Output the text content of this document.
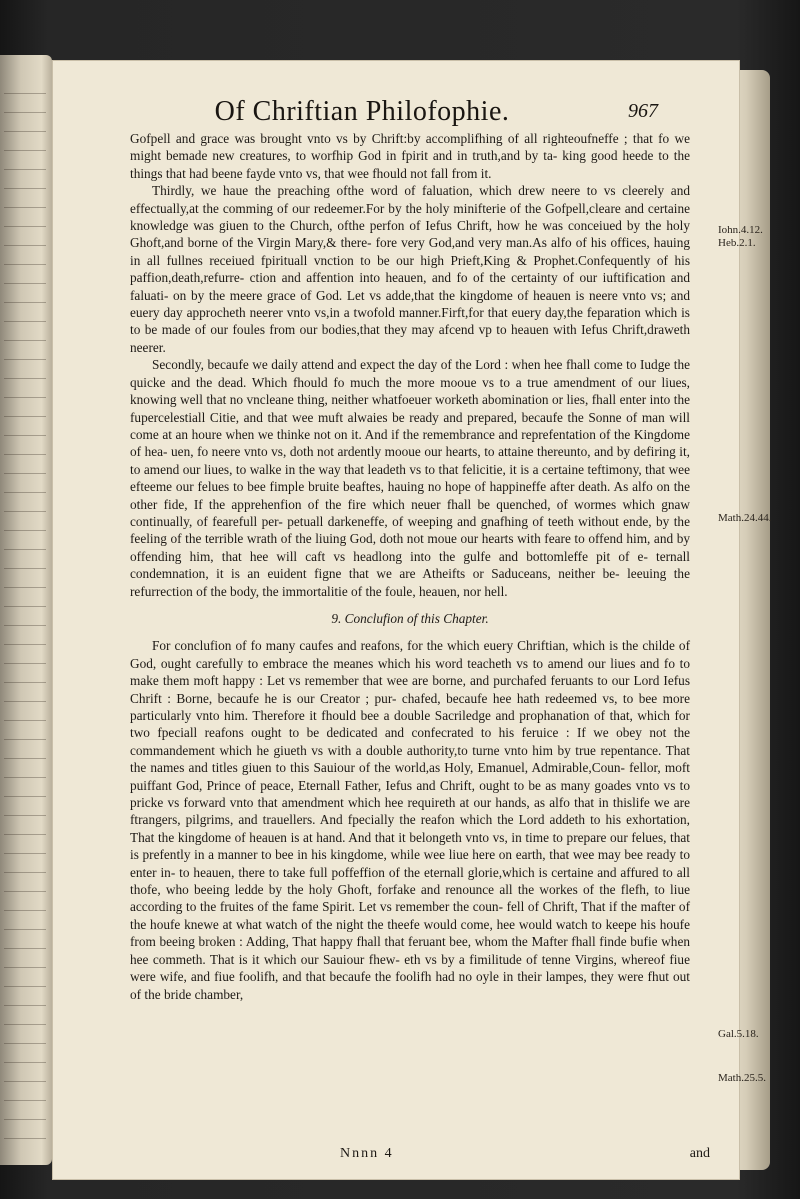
Of Chriftian Philofophie.	967

Gofpell and grace was brought vnto vs by Chrift:by accomplifhing of all righteoufneffe ; that fo we might bemade new creatures, to worfhip God in fpirit and in truth,and by ta- king good heede to the things that had beene fayde vnto vs, that wee fhould not fall from it.

Thirdly, we haue the preaching ofthe word of faluation, which drew neere to vs cleerely and effectually,at the comming of our redeemer.For by the holy minifterie of the Gofpell,cleare and certaine knowledge was giuen to the Church, ofthe perfon of Iefus Chrift, how he was conceiued by the holy Ghoft,and borne of the Virgin Mary,& there- fore very God,and very man.As alfo of his offices, hauing in all fullnes receiued fpirituall vnction to be our high Prieft,King & Prophet.Confequently of his paffion,death,refurre- ction and affention into heauen, and fo of the certainty of our iuftification and faluati- on by the meere grace of God. Let vs adde,that the kingdome of heauen is neere vnto vs; and euery day approcheth neerer vnto vs,in a twofold manner.Firft,for that euery day,the feparation which is to be made of our foules from our bodies,that they may afcend vp to heauen with Iefus Chrift,draweth neerer.

Secondly, becaufe we daily attend and expect the day of the Lord : when hee fhall come to Iudge the quicke and the dead. Which fhould fo much the more mooue vs to a true amendment of our liues, knowing well that no vncleane thing, neither whatfoeuer worketh abomination or lies, fhall enter into the fupercelestiall Citie, and that wee muft alwaies be ready and prepared, becaufe the Sonne of man will come at an houre when we thinke not on it. And if the remembrance and reprefentation of the Kingdome of hea- uen, fo neere vnto vs, doth not ardently mooue our hearts, to attaine thereunto, and by defiring it, to amend our liues, to walke in the way that leadeth vs to that felicitie, it is a certaine teftimony, that wee efteeme our felues to bee fimple bruite beaftes, hauing no hope of happineffe after death. As alfo on the other fide, If the apprehenfion of the fire which neuer fhall be quenched, of wormes which gnaw continually, of fearefull per- petuall darkeneffe, of weeping and gnafhing of teeth without ende, by the feeling of the terrible wrath of the liuing God, doth not moue our hearts with feare to offend him, and by offending him, that hee will caft vs headlong into the gulfe and bottomleffe pit of e- ternall condemnation, it is an euident figne that we are Atheifts or Saduceans, neither be- leeuing the refurrection of the body, the immortalitie of the foule, heauen, nor hell.

9. Conclufion of this Chapter.

For conclufion of fo many caufes and reafons, for the which euery Chriftian, which is the childe of God, ought carefully to embrace the meanes which his word teacheth vs to amend our liues and fo to make them moft happy : Let vs remember that wee are borne, and purchafed feruants to our Lord Iefus Chrift : Borne, becaufe he is our Creator ; pur- chafed, becaufe hee hath redeemed vs, to bee more particularly vnto him. Therefore it fhould bee a double Sacriledge and prophanation of that, which for two fpeciall reafons ought to be dedicated and confecrated to his feruice : If we obey not the commandement which he giueth vs with a double authority,to turne vnto him by true repentance. That the names and titles giuen to this Sauiour of the world,as Holy, Emanuel, Admirable,Coun- fellor, moft puiffant God, Prince of peace, Eternall Father, Iefus and Chrift, ought to be as many goades vnto vs to pricke vs forward vnto that amendment which hee requireth at our hands, as alfo that in thislife we are ftrangers, pilgrims, and trauellers. And fpecially the reafon which the Lord addeth to his exhortation, That the kingdome of heauen is at hand. And that it belongeth vnto vs, in time to prepare our felues, that is prefently in a manner to bee in his kingdome, while wee liue here on earth, that wee may bee ready to enter in- to heauen, there to take full poffeffion of the eternall glorie,which is certaine and affured to all thofe, who beeing ledde by the holy Ghoft, forfake and renounce all the workes of the flefh, to liue according to the fruites of the fame Spirit. Let vs remember the coun- fell of Chrift, That if the mafter of the houfe knewe at what watch of the night the theefe would come, hee would watch to keepe his houfe from beeing broken : Adding, That happy fhall that feruant bee, whom the Mafter fhall finde bufie when hee commeth. That is it which our Sauiour fhew- eth vs by a fimilitude of tenne Virgins, whereof fiue were wife, and fiue foolifh, and that becaufe the foolifh had no oyle in their lampes, they were fhut out of the bride chamber,

Iohn.4.12. Heb.2.1.
Math.24.44.
Gal.5.18.
Math.25.5.
Nnnn 4	and
